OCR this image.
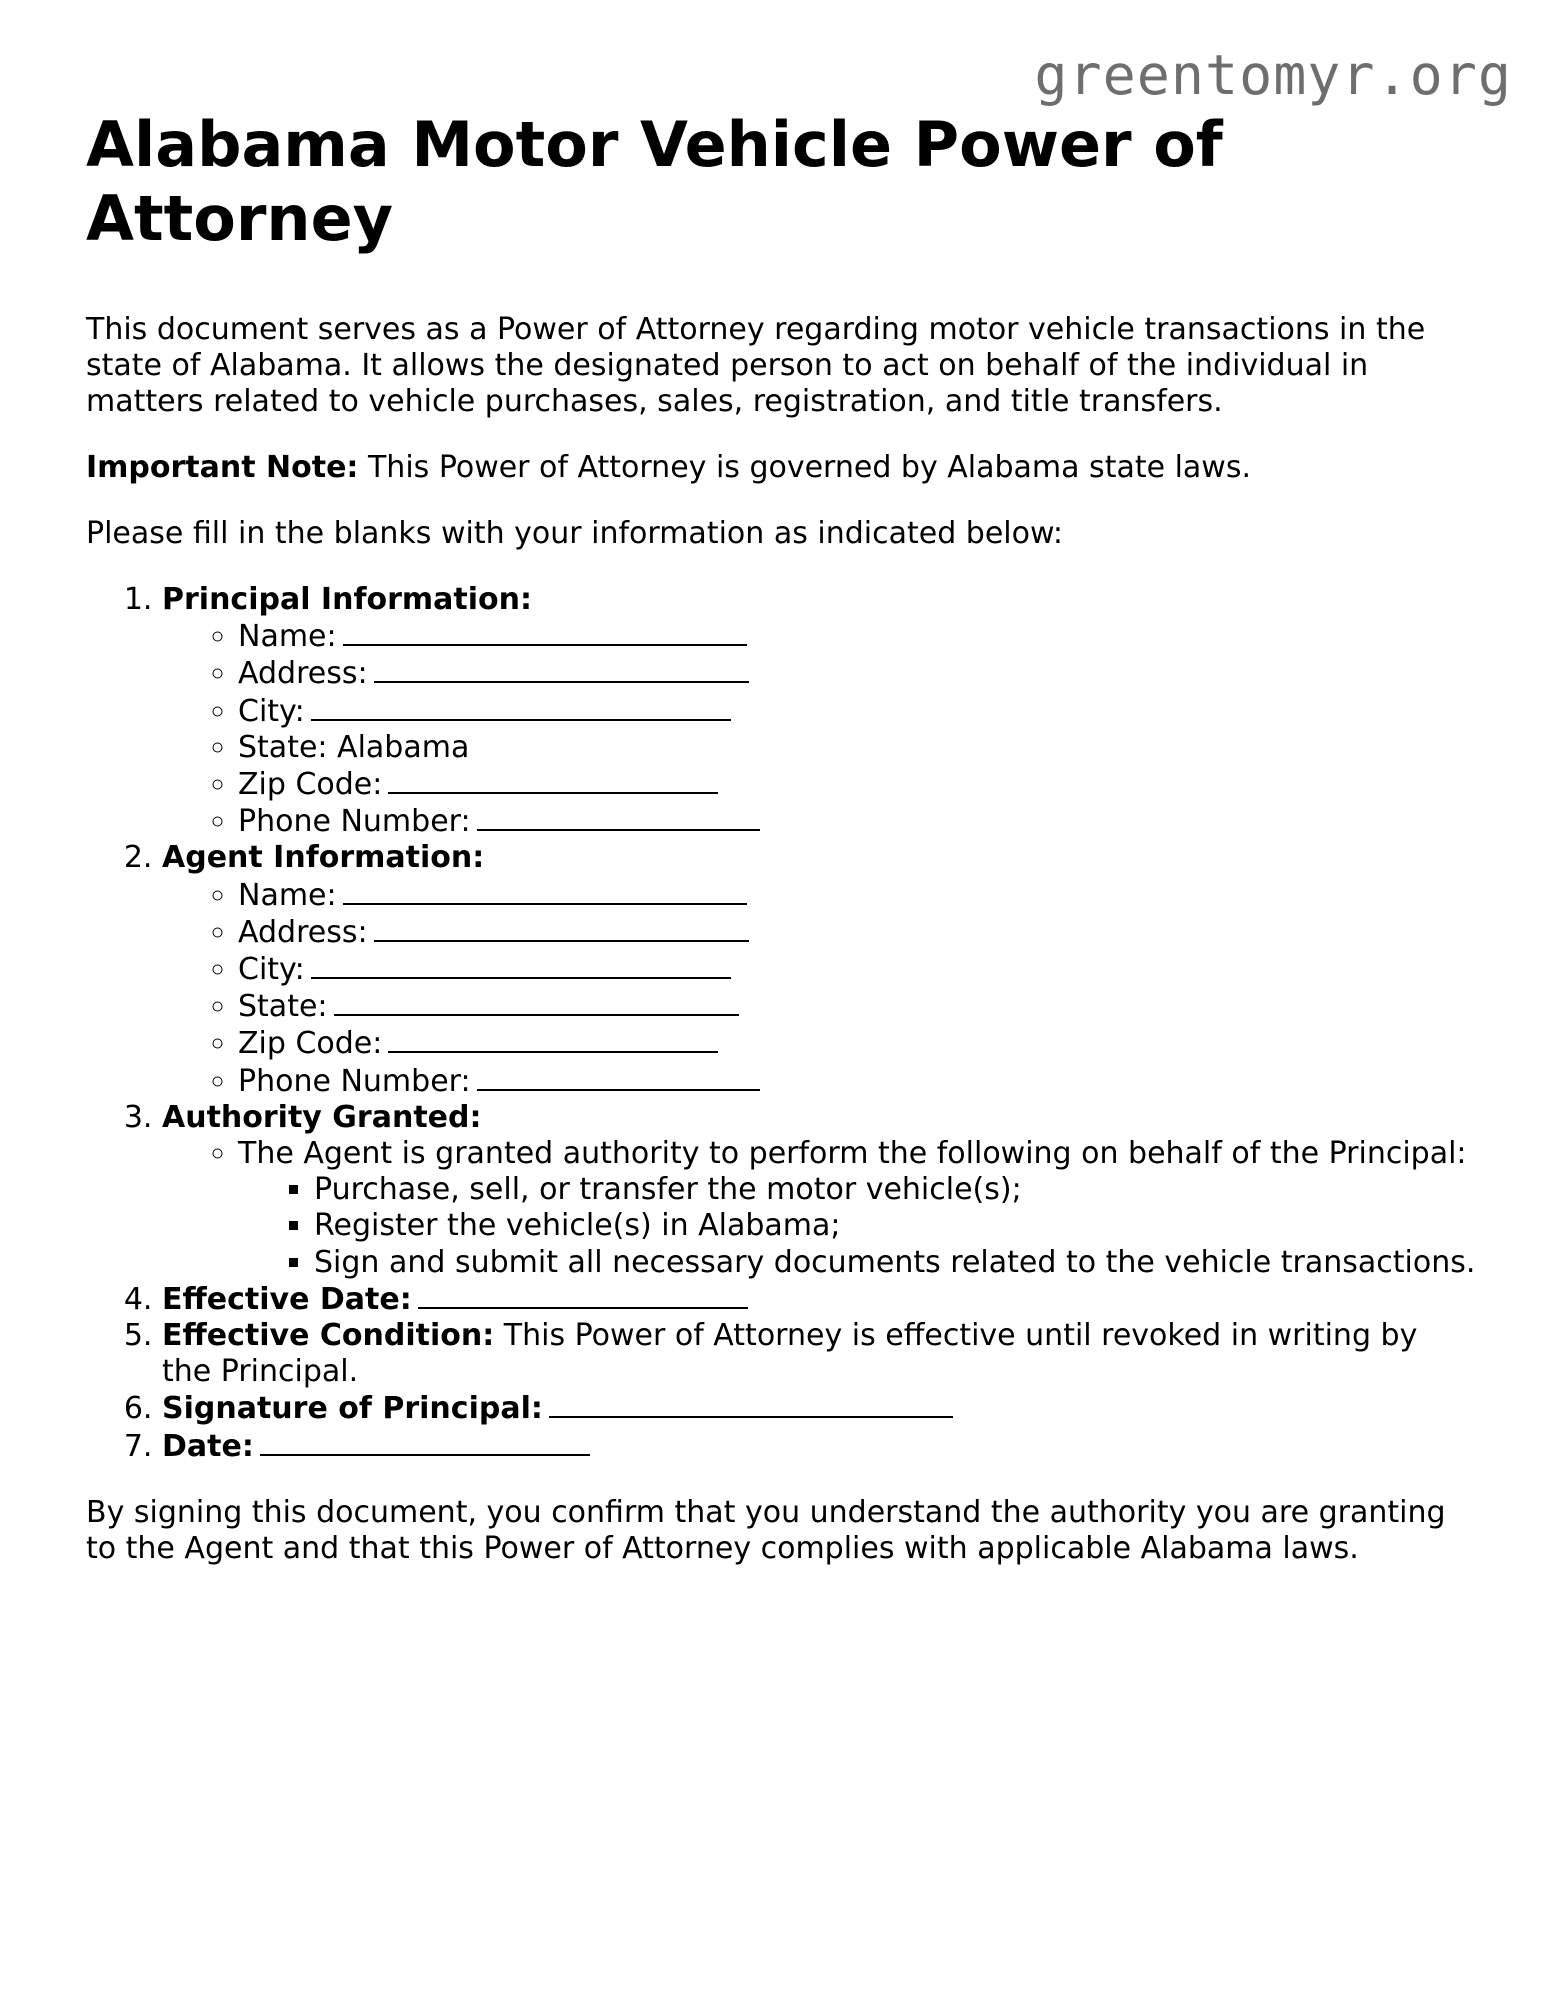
greentomyr.org
Alabama Motor Vehicle Power of Attorney

This document serves as a Power of Attorney regarding motor vehicle transactions in the state of Alabama. It allows the designated person to act on behalf of the individual in matters related to vehicle purchases, sales, registration, and title transfers.

Important Note: This Power of Attorney is governed by Alabama state laws.

Please fill in the blanks with your information as indicated below:

1. Principal Information:
◦ Name:
◦ Address:
◦ City:
◦ State: Alabama
◦ Zip Code:
◦ Phone Number:
2. Agent Information:
◦ Name:
◦ Address:
◦ City:
◦ State:
◦ Zip Code:
◦ Phone Number:
3. Authority Granted:
◦ The Agent is granted authority to perform the following on behalf of the Principal:
▪ Purchase, sell, or transfer the motor vehicle(s);
▪ Register the vehicle(s) in Alabama;
▪ Sign and submit all necessary documents related to the vehicle transactions.
4. Effective Date:
5. Effective Condition: This Power of Attorney is effective until revoked in writing by the Principal.
6. Signature of Principal:
7. Date:

By signing this document, you confirm that you understand the authority you are granting to the Agent and that this Power of Attorney complies with applicable Alabama laws.
